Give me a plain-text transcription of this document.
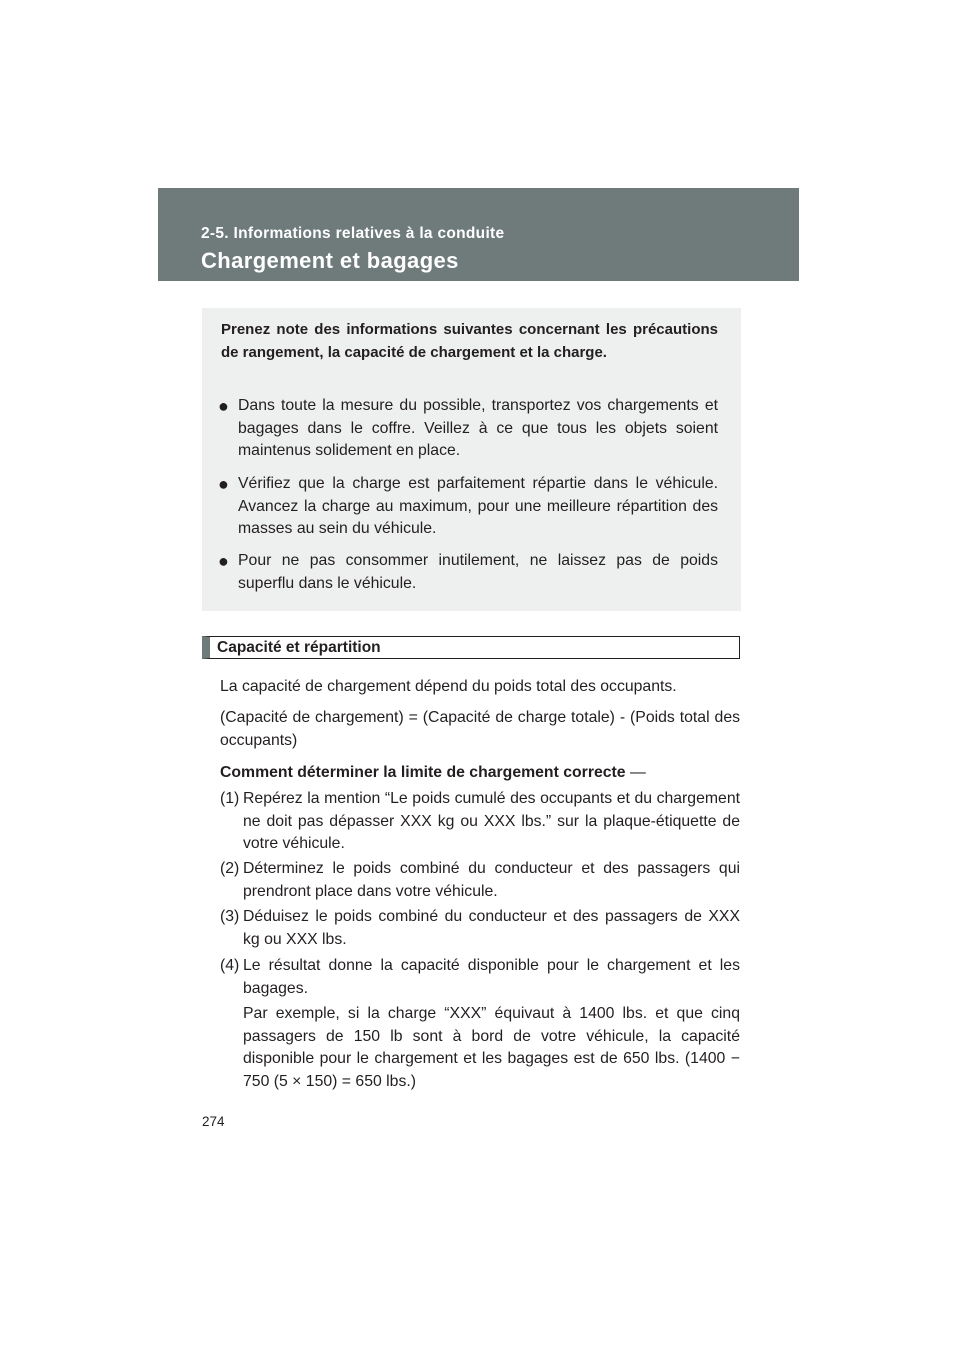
2-5. Informations relatives à la conduite
Chargement et bagages
Prenez note des informations suivantes concernant les précautions de rangement, la capacité de chargement et la charge.
● Dans toute la mesure du possible, transportez vos chargements et bagages dans le coffre. Veillez à ce que tous les objets soient maintenus solidement en place.
● Vérifiez que la charge est parfaitement répartie dans le véhicule. Avancez la charge au maximum, pour une meilleure répartition des masses au sein du véhicule.
● Pour ne pas consommer inutilement, ne laissez pas de poids superflu dans le véhicule.
Capacité et répartition
La capacité de chargement dépend du poids total des occupants.
(Capacité de chargement) = (Capacité de charge totale) - (Poids total des occupants)
Comment déterminer la limite de chargement correcte —
(1) Repérez la mention “Le poids cumulé des occupants et du chargement ne doit pas dépasser XXX kg ou XXX lbs.” sur la plaque-étiquette de votre véhicule.
(2) Déterminez le poids combiné du conducteur et des passagers qui prendront place dans votre véhicule.
(3) Déduisez le poids combiné du conducteur et des passagers de XXX kg ou XXX lbs.
(4) Le résultat donne la capacité disponible pour le chargement et les bagages.
Par exemple, si la charge “XXX” équivaut à 1400 lbs. et que cinq passagers de 150 lb sont à bord de votre véhicule, la capacité disponible pour le chargement et les bagages est de 650 lbs. (1400 − 750 (5 × 150) = 650 lbs.)
274
